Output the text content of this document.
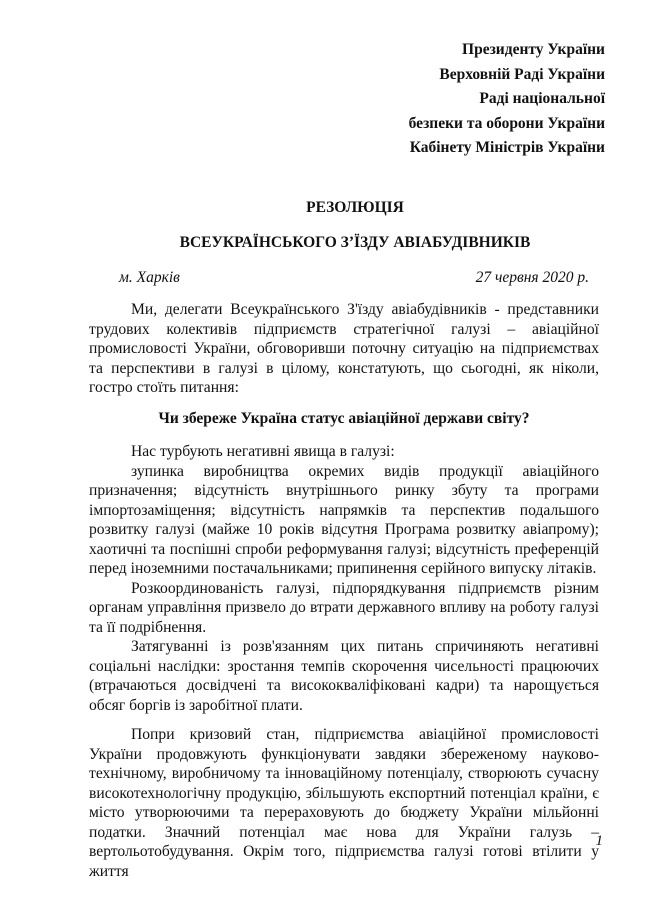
Президенту України
Верховній Раді України
Раді національної
безпеки та оборони України
Кабінету Міністрів України
РЕЗОЛЮЦІЯ
ВСЕУКРАЇНСЬКОГО З’ЇЗДУ АВІАБУДІВНИКІВ
м. Харків	27 червня 2020 р.

Ми, делегати Всеукраїнського З'їзду авіабудівників - представники трудових колективів підприємств стратегічної галузі – авіаційної промисловості України, обговоривши поточну ситуацію на підприємствах та перспективи в галузі в цілому, констатують, що сьогодні, як ніколи, гостро стоїть питання:

Чи збереже Україна статус авіаційної держави світу?

Нас турбують негативні явища в галузі:

зупинка виробництва окремих видів продукції авіаційного призначення; відсутність внутрішнього ринку збуту та програми імпортозаміщення; відсутність напрямків та перспектив подальшого розвитку галузі (майже 10 років відсутня Програма розвитку авіапрому); хаотичні та поспішні спроби реформування галузі; відсутність преференцій перед іноземними постачальниками; припинення серійного випуску літаків.

Розкоординованість галузі, підпорядкування підприємств різним органам управління призвело до втрати державного впливу на роботу галузі та її подрібнення.

Затягуванні із розв'язанням цих питань спричиняють негативні соціальні наслідки: зростання темпів скорочення чисельності працюючих (втрачаються досвідчені та висококваліфіковані кадри) та нарощується обсяг боргів із заробітної плати.

Попри кризовий стан, підприємства авіаційної промисловості України продовжують функціонувати завдяки збереженому науково-технічному, виробничому та інноваційному потенціалу, створюють сучасну високотехнологічну продукцію, збільшують експортний потенціал країни, є місто утворюючими та перераховують до бюджету України мільйонні податки. Значний потенціал має нова для України галузь – вертольотобудування. Окрім того, підприємства галузі готові втілити у життя

1
